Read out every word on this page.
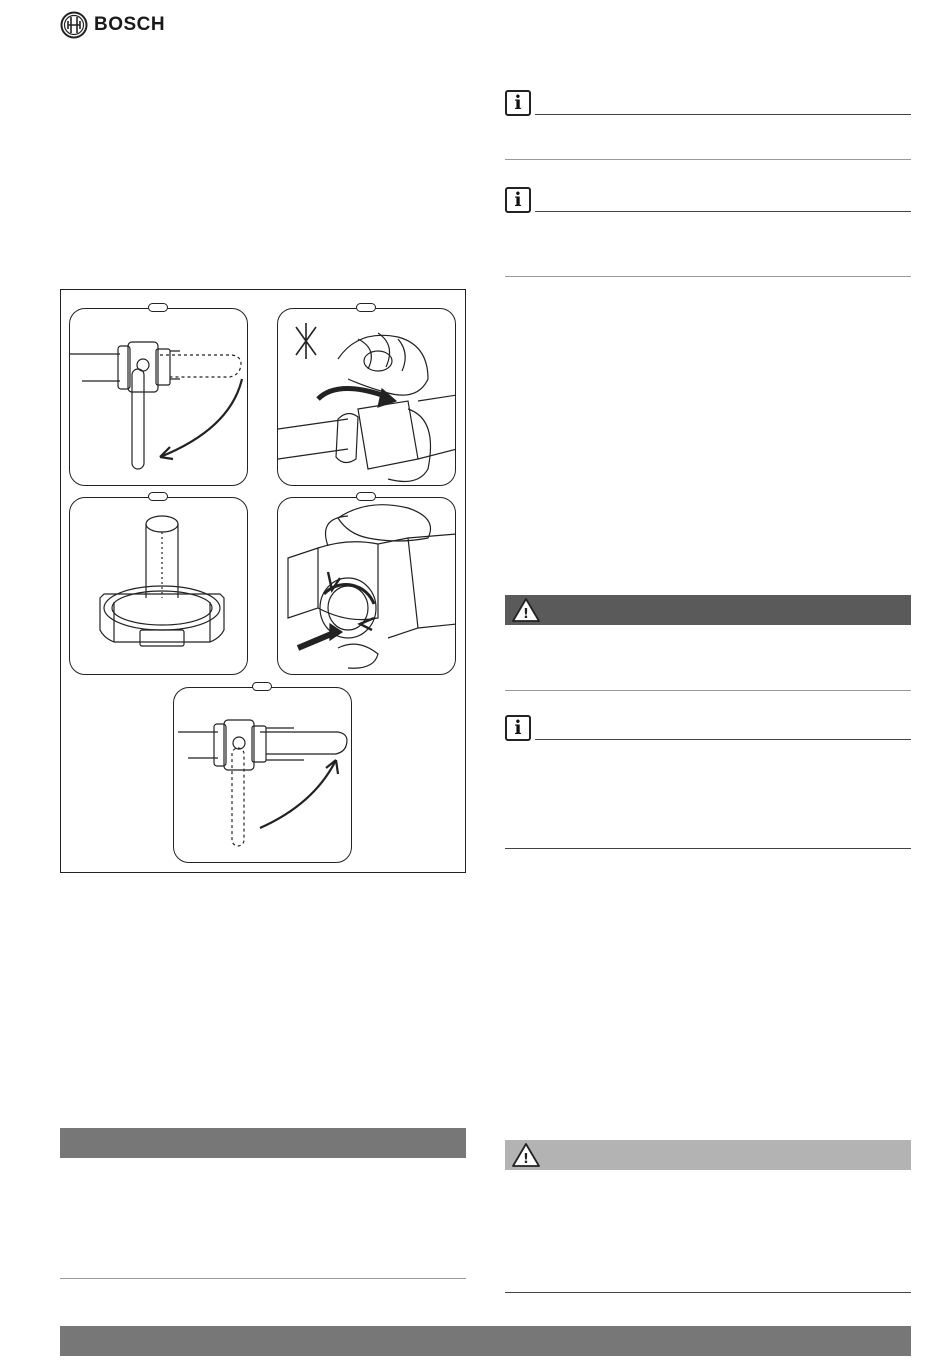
BOSCH
i
i
!
i
!
